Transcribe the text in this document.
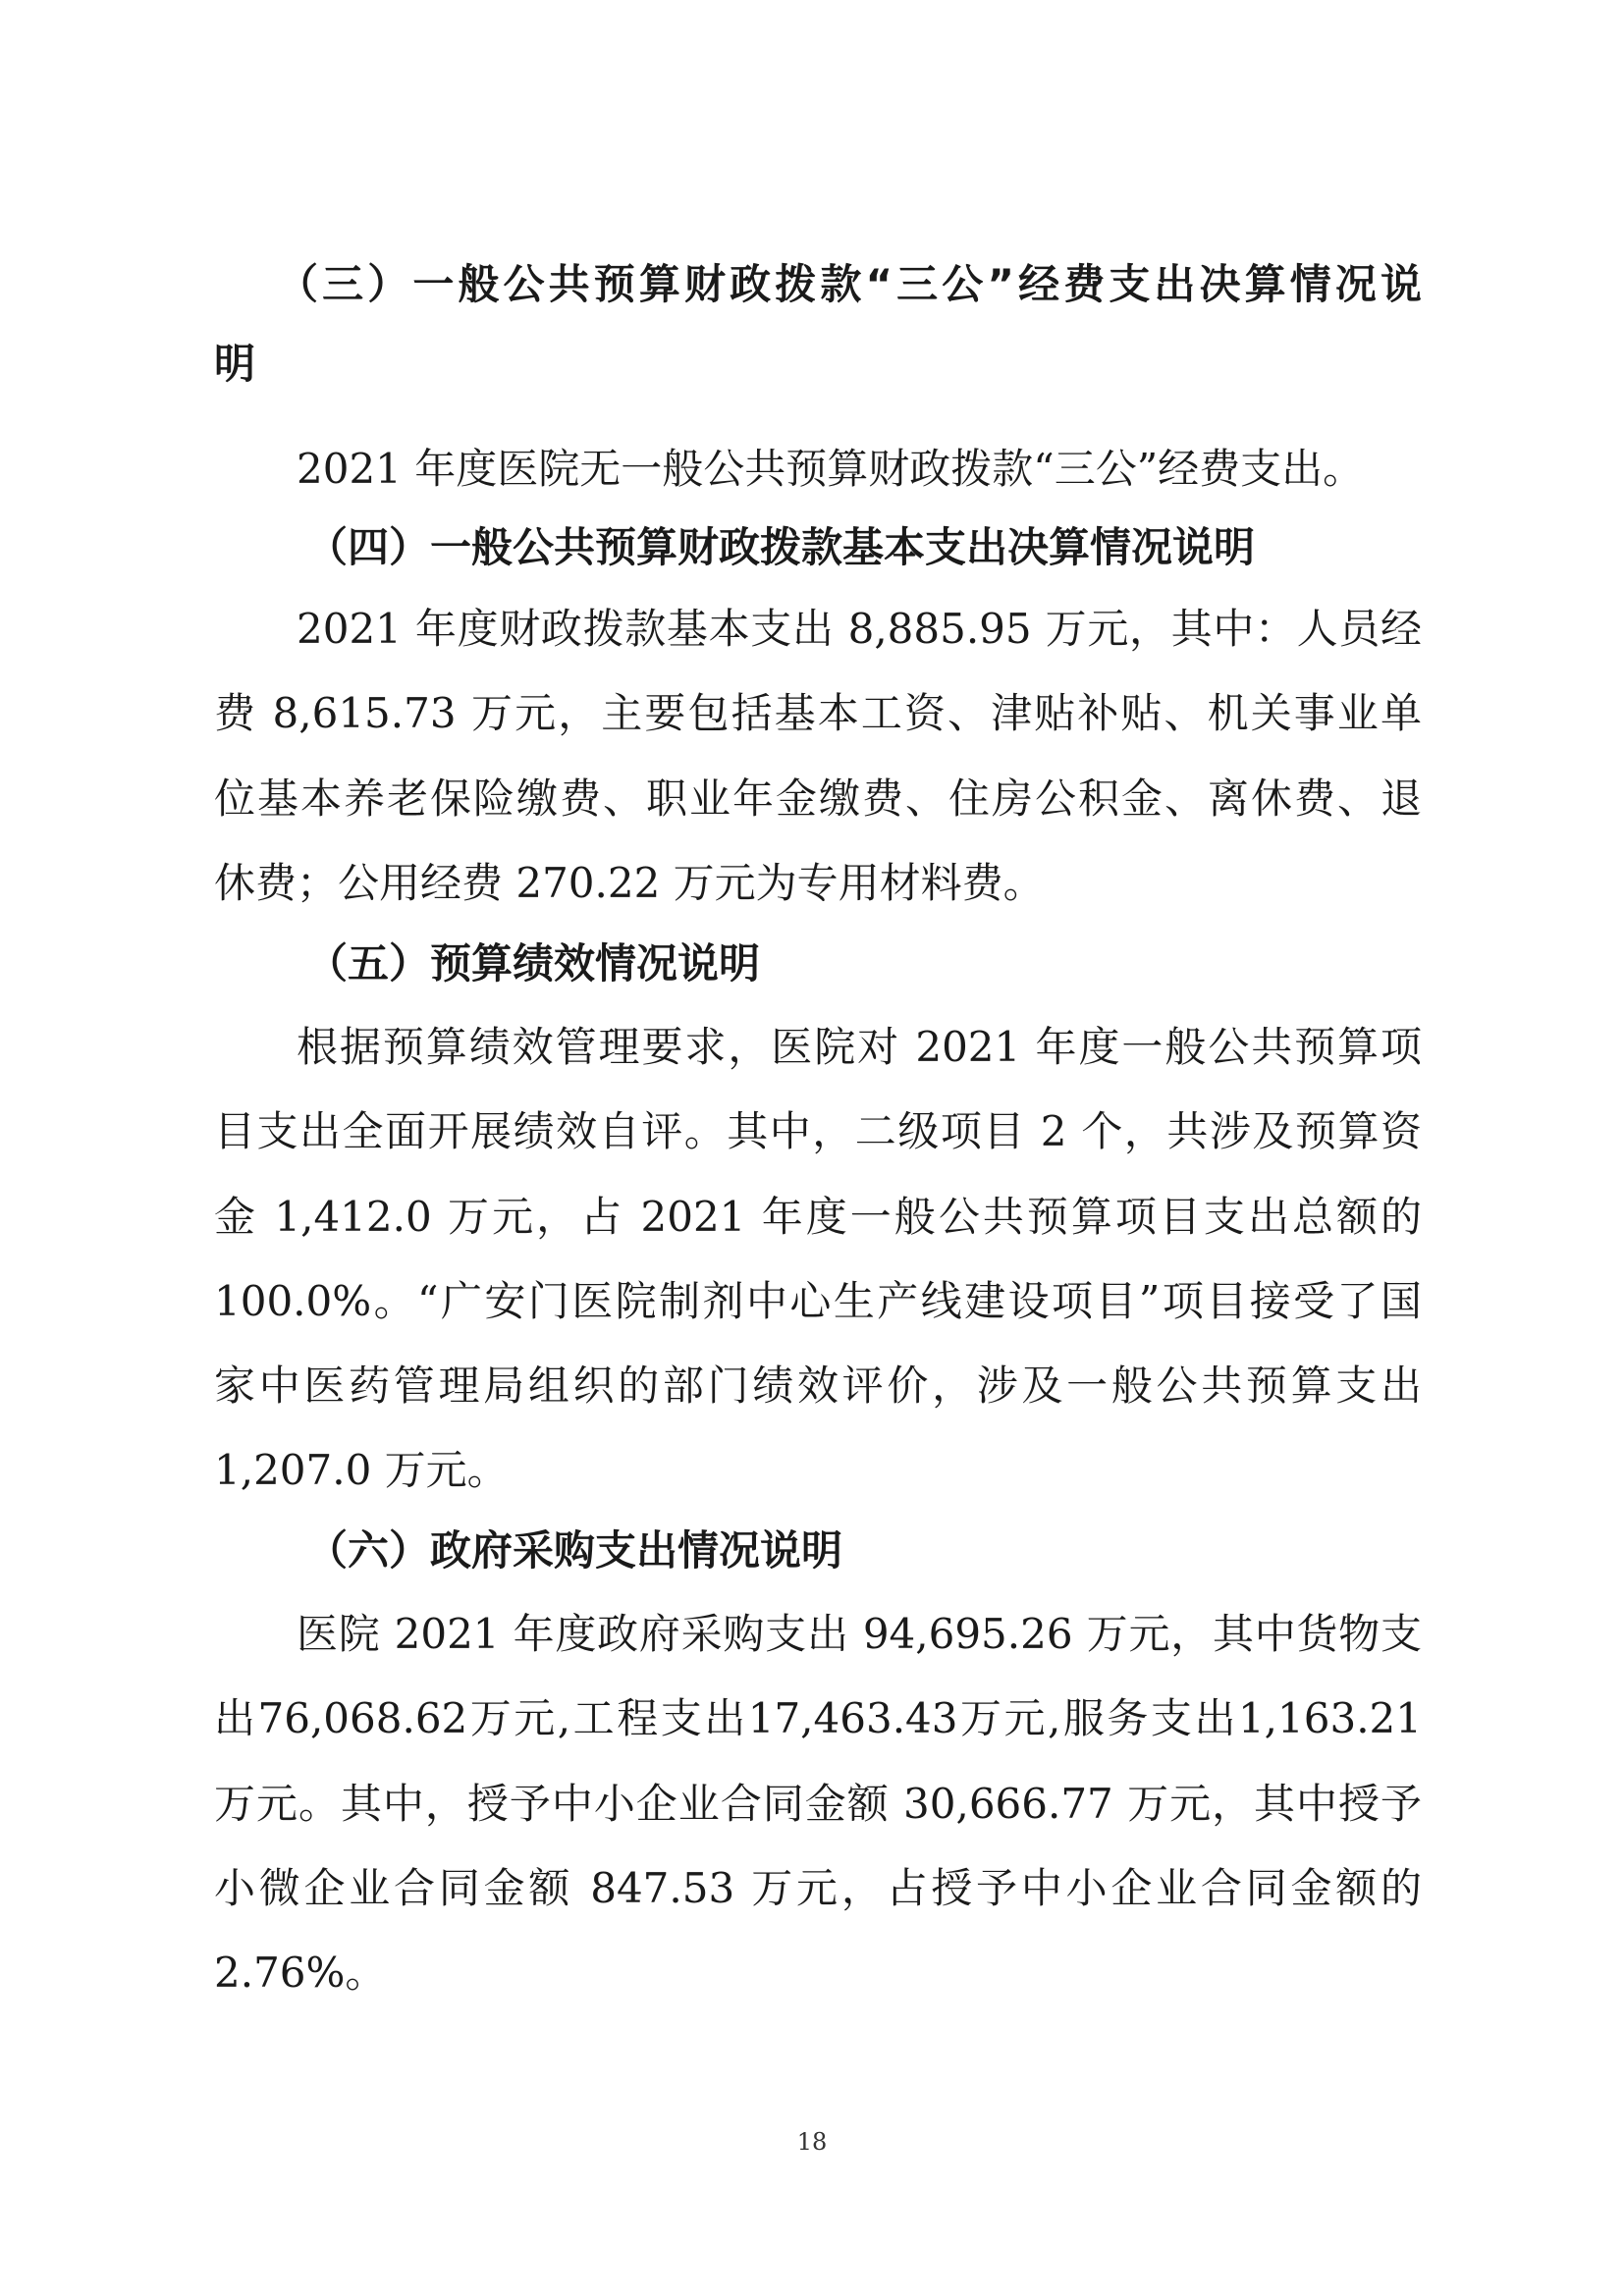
（三）一般公共预算财政拨款“三公”经费支出决算情况说
明
2021 年度医院无一般公共预算财政拨款“三公”经费支出。
（四）一般公共预算财政拨款基本支出决算情况说明
2021 年度财政拨款基本支出 8,885.95 万元，其中：人员经
费 8,615.73 万元，主要包括基本工资、津贴补贴、机关事业单
位基本养老保险缴费、职业年金缴费、住房公积金、离休费、退
休费；公用经费 270.22 万元为专用材料费。
（五）预算绩效情况说明
根据预算绩效管理要求，医院对 2021 年度一般公共预算项
目支出全面开展绩效自评。其中，二级项目 2 个，共涉及预算资
金 1,412.0 万元，占 2021 年度一般公共预算项目支出总额的
100.0%。“广安门医院制剂中心生产线建设项目”项目接受了国
家中医药管理局组织的部门绩效评价，涉及一般公共预算支出
1,207.0 万元。
（六）政府采购支出情况说明
医院 2021 年度政府采购支出 94,695.26 万元，其中货物支
出76,068.62万元,工程支出17,463.43万元,服务支出1,163.21
万元。其中，授予中小企业合同金额 30,666.77 万元，其中授予
小微企业合同金额 847.53 万元，占授予中小企业合同金额的
2.76%。
18
